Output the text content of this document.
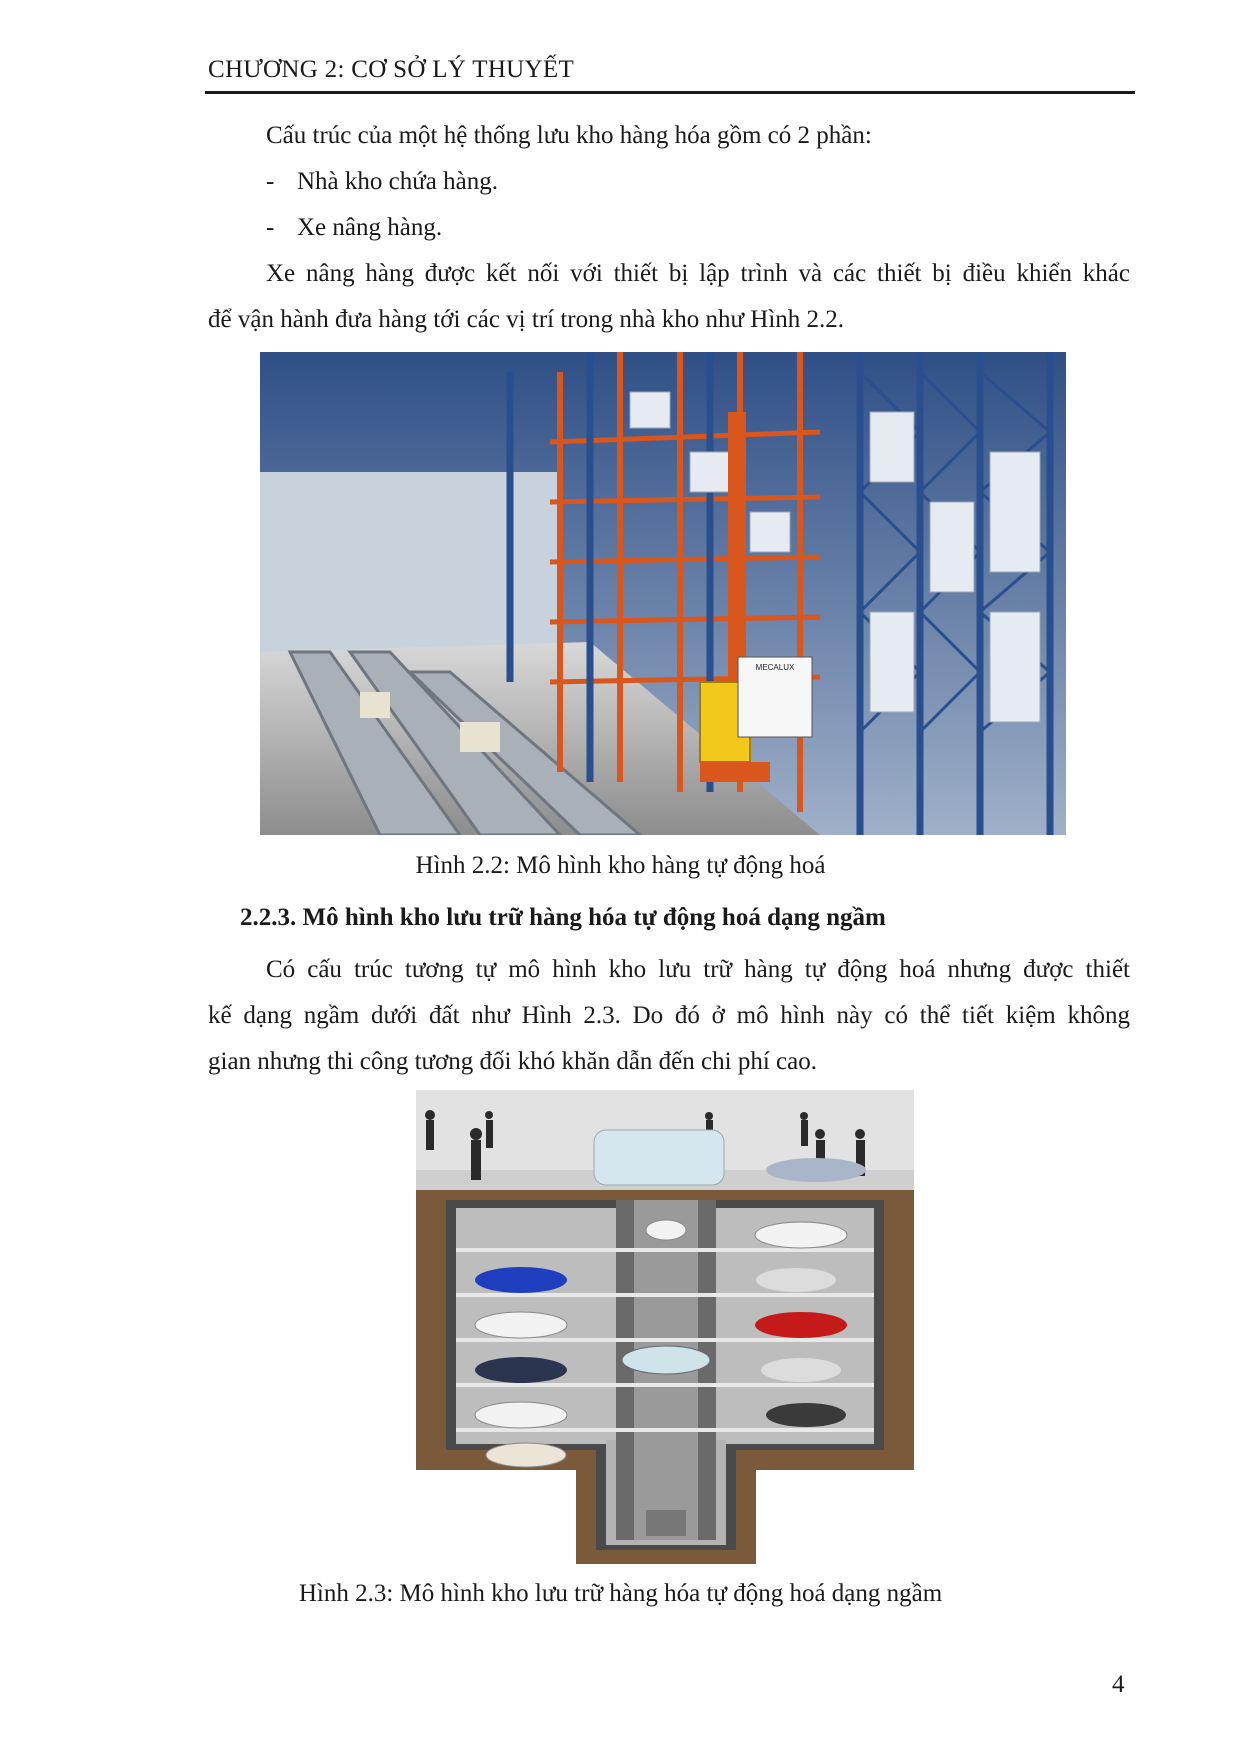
CHƯƠNG 2: CƠ SỞ LÝ THUYẾT
Cấu trúc của một hệ thống lưu kho hàng hóa gồm có 2 phần:
- Nhà kho chứa hàng.
- Xe nâng hàng.
Xe nâng hàng được kết nối với thiết bị lập trình và các thiết bị điều khiển khác
để vận hành đưa hàng tới các vị trí trong nhà kho như Hình 2.2.
MECALUX
Hình 2.2: Mô hình kho hàng tự động hoá
2.2.3. Mô hình kho lưu trữ hàng hóa tự động hoá dạng ngầm
Có cấu trúc tương tự mô hình kho lưu trữ hàng tự động hoá nhưng được thiết
kế dạng ngầm dưới đất như Hình 2.3. Do đó ở mô hình này có thể tiết kiệm không
gian nhưng thi công tương đối khó khăn dẫn đến chi phí cao.
Hình 2.3: Mô hình kho lưu trữ hàng hóa tự động hoá dạng ngầm
4
